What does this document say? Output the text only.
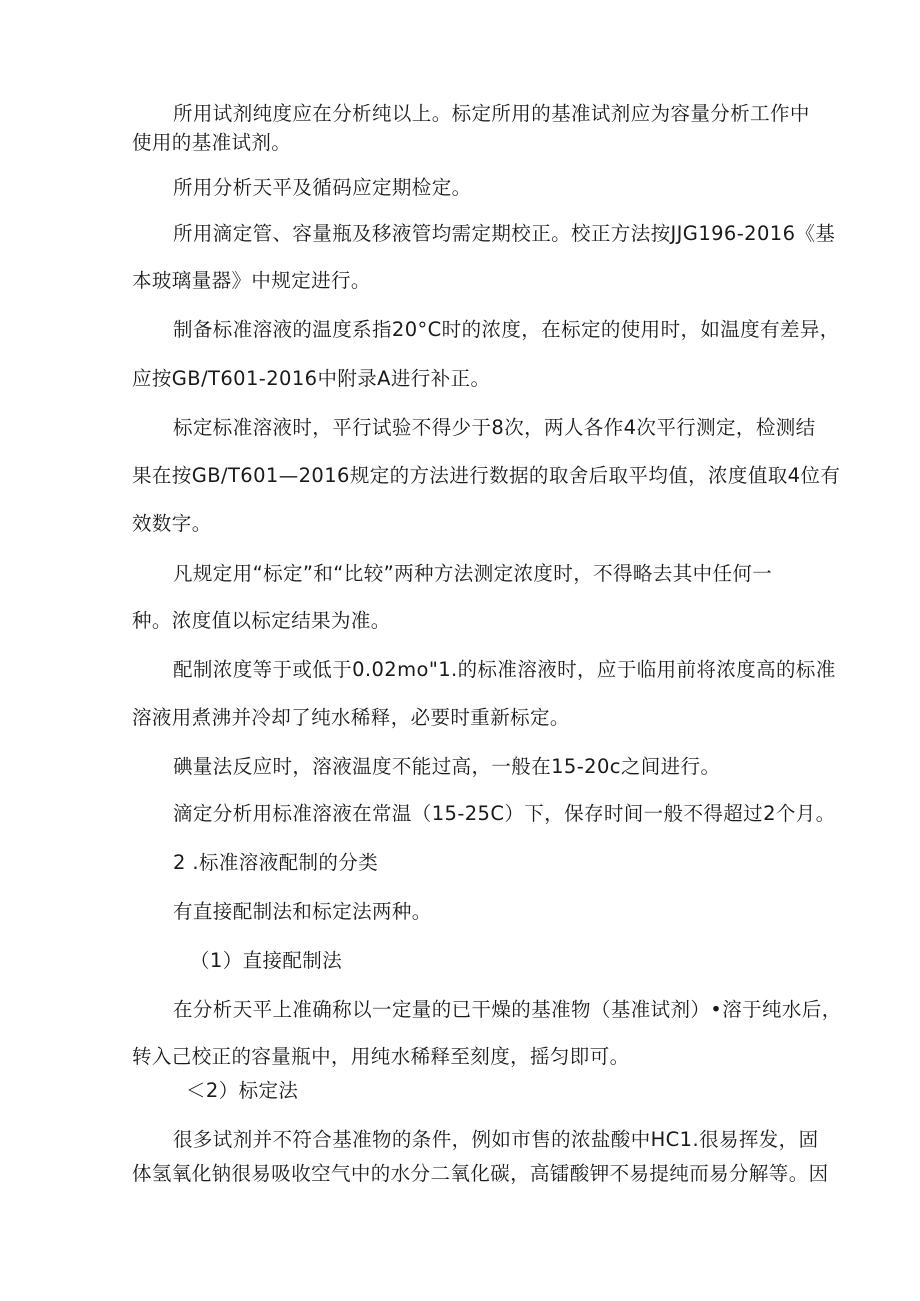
所用试剂纯度应在分析纯以上。标定所用的基准试剂应为容量分析工作中
使用的基准试剂。
所用分析天平及循码应定期检定。
所用滴定管、容量瓶及移液管均需定期校正。校正方法按JJG196-2016《基
本玻璃量器》中规定进行。
制备标准溶液的温度系指20°C时的浓度，在标定的使用时，如温度有差异，
应按GB/T601-2016中附录A进行补正。
标定标准溶液时，平行试验不得少于8次，两人各作4次平行测定，检测结
果在按GB/T601—2016规定的方法进行数据的取舍后取平均值，浓度值取4位有
效数字。
凡规定用“标定”和“比较”两种方法测定浓度时，不得略去其中任何一
种。浓度值以标定结果为准。
配制浓度等于或低于0.02mo"1.的标准溶液时，应于临用前将浓度高的标准
溶液用煮沸并冷却了纯水稀释，必要时重新标定。
碘量法反应时，溶液温度不能过高，一般在15-20c之间进行。
滴定分析用标准溶液在常温（15-25C）下，保存时间一般不得超过2个月。
2 .标准溶液配制的分类
有直接配制法和标定法两种。
（1）直接配制法
在分析天平上准确称以一定量的已干燥的基准物（基准试剂）•溶于纯水后，
转入己校正的容量瓶中，用纯水稀释至刻度，摇匀即可。
＜2）标定法
很多试剂并不符合基准物的条件，例如市售的浓盐酸中HC1.很易挥发，固
体氢氧化钠很易吸收空气中的水分二氧化碳，高镭酸钾不易提纯而易分解等。因
